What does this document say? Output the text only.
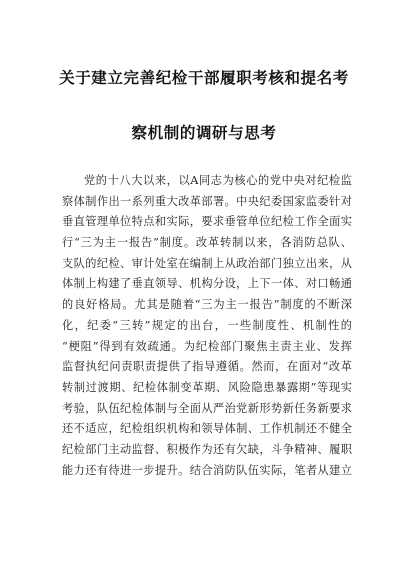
关于建立完善纪检干部履职考核和提名考
察机制的调研与思考
党的十八大以来，以A同志为核心的党中央对纪检监
察体制作出一系列重大改革部署。中央纪委国家监委针对
垂直管理单位特点和实际，要求垂管单位纪检工作全面实
行“三为主一报告”制度。改革转制以来，各消防总队、
支队的纪检、审计处室在编制上从政治部门独立出来，从
体制上构建了垂直领导、机构分设，上下一体、对口畅通
的良好格局。尤其是随着“三为主一报告”制度的不断深
化，纪委“三转”规定的出台，一些制度性、机制性的
“梗阻”得到有效疏通。为纪检部门聚焦主责主业、发挥
监督执纪问责职责提供了指导遵循。然而，在面对“改革
转制过渡期、纪检体制变革期、风险隐患暴露期”等现实
考验，队伍纪检体制与全面从严治党新形势新任务新要求
还不适应，纪检组织机构和领导体制、工作机制还不健全
纪检部门主动监督、积极作为还有欠缺，斗争精神、履职
能力还有待进一步提升。结合消防队伍实际，笔者从建立
